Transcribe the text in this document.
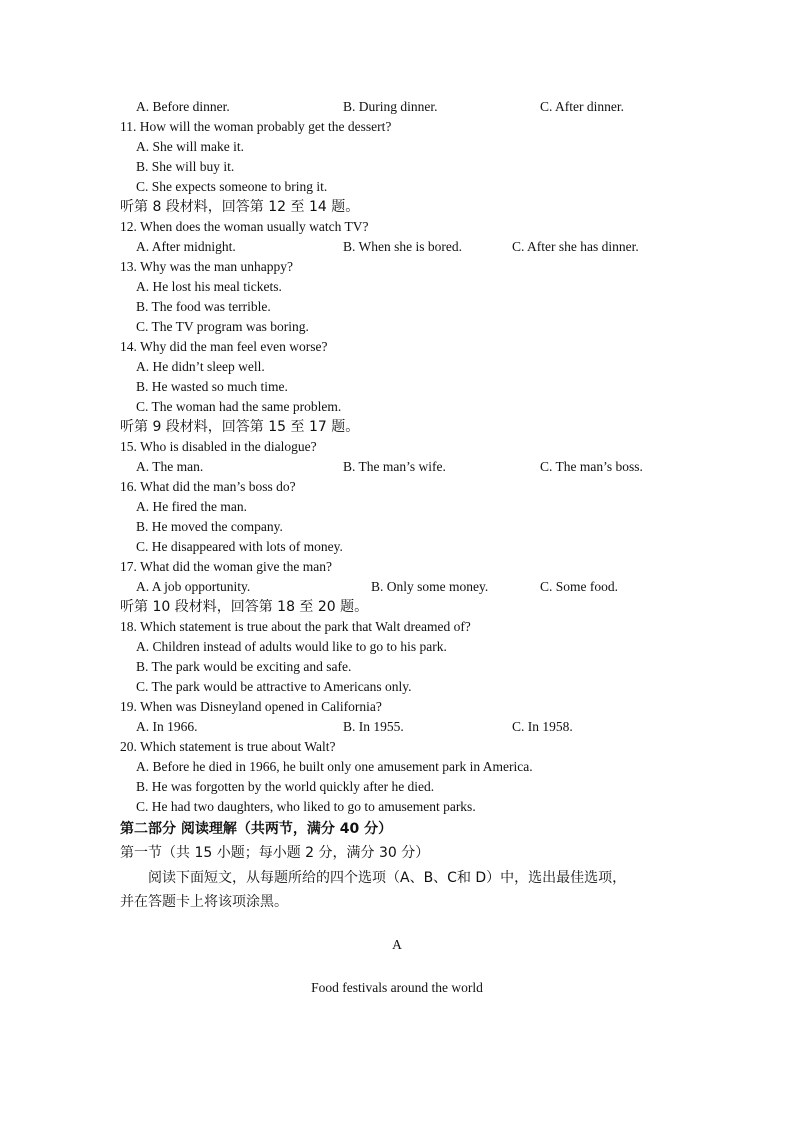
A. Before dinner.	B. During dinner.	C. After dinner.
11. How will the woman probably get the dessert?
A. She will make it.
B. She will buy it.
C. She expects someone to bring it.
听第 8 段材料，回答第 12 至 14 题。
12. When does the woman usually watch TV?
A. After midnight.	B. When she is bored.	C. After she has dinner.
13. Why was the man unhappy?
A. He lost his meal tickets.
B. The food was terrible.
C. The TV program was boring.
14. Why did the man feel even worse?
A. He didn’t sleep well.
B. He wasted so much time.
C. The woman had the same problem.
听第 9 段材料，回答第 15 至 17 题。
15. Who is disabled in the dialogue?
A. The man.	B. The man’s wife.	C. The man’s boss.
16. What did the man’s boss do?
A. He fired the man.
B. He moved the company.
C. He disappeared with lots of money.
17. What did the woman give the man?
A. A job opportunity.	B. Only some money.	C. Some food.
听第 10 段材料，回答第 18 至 20 题。
18. Which statement is true about the park that Walt dreamed of?
A. Children instead of adults would like to go to his park.
B. The park would be exciting and safe.
C. The park would be attractive to Americans only.
19. When was Disneyland opened in California?
A. In 1966.	B. In 1955.	C. In 1958.
20. Which statement is true about Walt?
A. Before he died in 1966, he built only one amusement park in America.
B. He was forgotten by the world quickly after he died.
C. He had two daughters, who liked to go to amusement parks.
第二部分 阅读理解（共两节，满分 40 分）
第一节（共 15 小题；每小题 2 分，满分 30 分）
阅读下面短文，从每题所给的四个选项（A、B、C和 D）中，选出最佳选项，
并在答题卡上将该项涂黑。
A
Food festivals around the world
